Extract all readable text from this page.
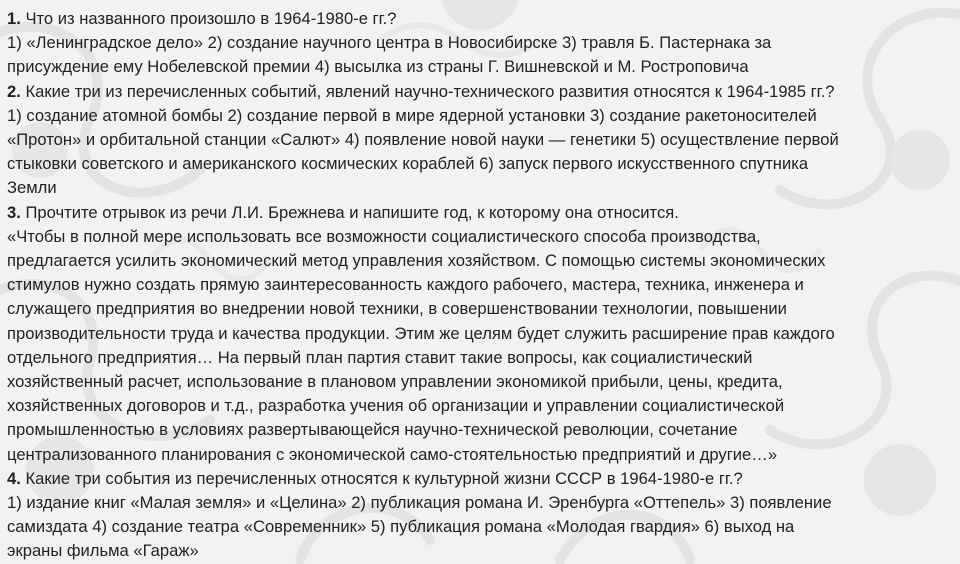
1. Что из названного произошло в 1964-1980-е гг.?

1) «Ленинградское дело» 2) создание научного центра в Новосибирске 3) травля Б. Пастернака за

присуждение ему Нобелевской премии 4) высылка из страны Г. Вишневской и М. Ростроповича

2. Какие три из перечисленных событий, явлений научно-технического развития относятся к 1964-1985 гг.?

1) создание атомной бомбы 2) создание первой в мире ядерной установки 3) создание ракетоносителей

«Протон» и орбитальной станции «Салют» 4) появление новой науки — генетики 5) осуществление первой

стыковки советского и американского космических кораблей 6) запуск первого искусственного спутника

Земли

3. Прочтите отрывок из речи Л.И. Брежнева и напишите год, к которому она относится.

«Чтобы в полной мере использовать все возможности социалистического способа производства,

предлагается усилить экономический метод управления хозяйством. С помощью системы экономических

стимулов нужно создать прямую заинтересованность каждого рабочего, мастера, техника, инженера и

служащего предприятия во внедрении новой техники, в совершенствовании технологии, повышении

производительности труда и качества продукции. Этим же целям будет служить расширение прав каждого

отдельного предприятия… На первый план партия ставит такие вопросы, как социалистический

хозяйственный расчет, использование в плановом управлении экономикой прибыли, цены, кредита,

хозяйственных договоров и т.д., разработка учения об организации и управлении социалистической

промышленностью в условиях развертывающейся научно-технической революции, сочетание

централизованного планирования с экономической само-стоятельностью предприятий и другие…»

4. Какие три события из перечисленных относятся к культурной жизни СССР в 1964-1980-е гг.?

1) издание книг «Малая земля» и «Целина» 2) публикация романа И. Эренбурга «Оттепель» 3) появление

самиздата 4) создание театра «Современник» 5) публикация романа «Молодая гвардия» 6) выход на

экраны фильма «Гараж»
